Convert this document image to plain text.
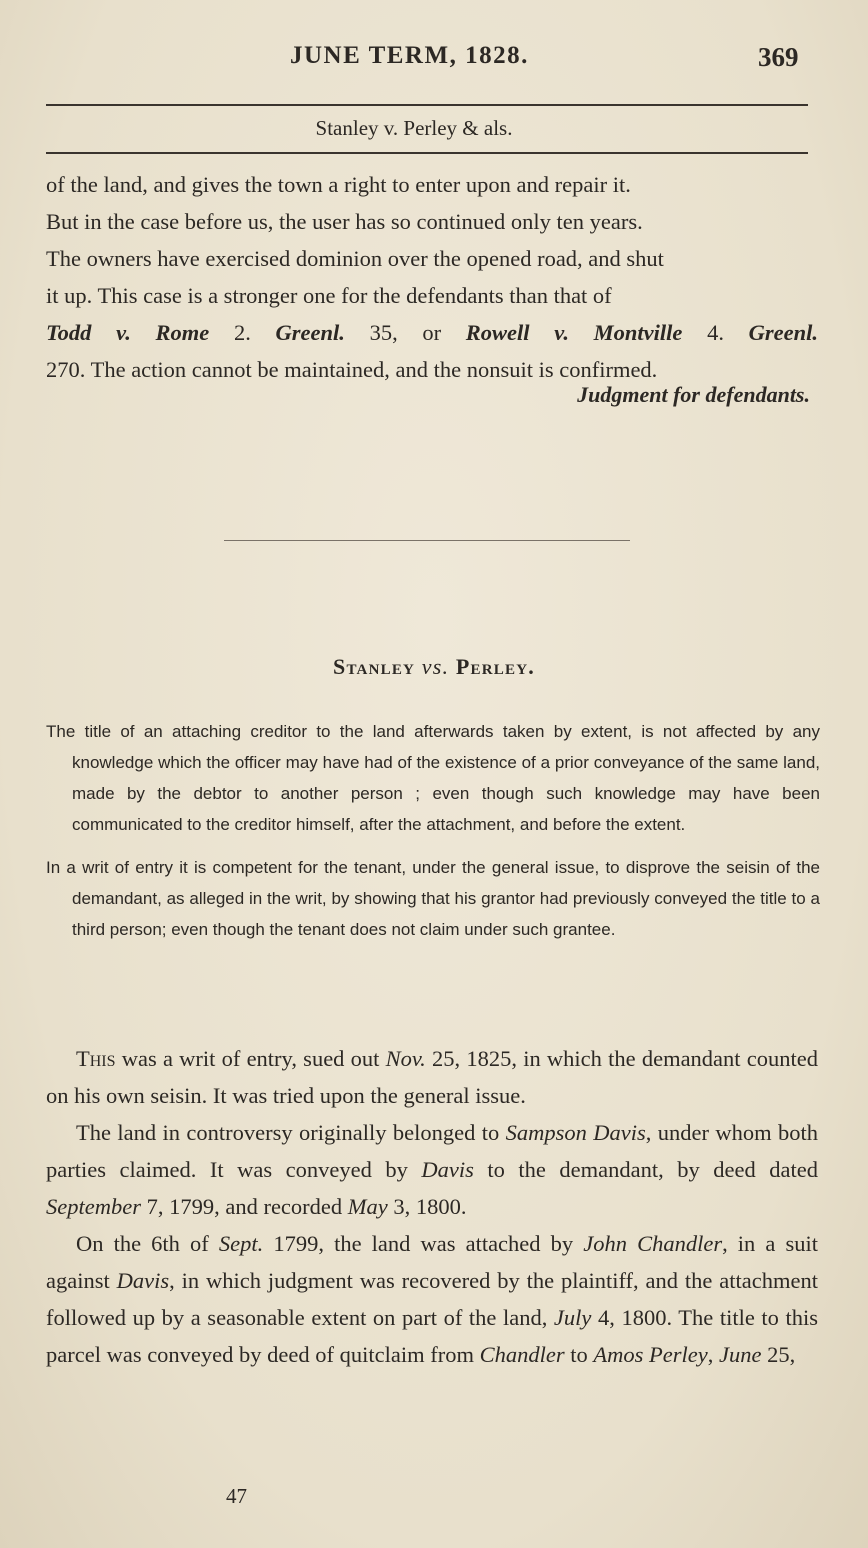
JUNE TERM, 1828.	369
Stanley v. Perley & als.

of the land, and gives the town a right to enter upon and repair it.

But in the case before us, the user has so continued only ten years.

The owners have exercised dominion over the opened road, and shut

it up. This case is a stronger one for the defendants than that of

Todd v. Rome 2. Greenl. 35, or Rowell v. Montville 4. Greenl.

270. The action cannot be maintained, and the nonsuit is confirmed.

Judgment for defendants.
Stanley vs. Perley.

The title of an attaching creditor to the land afterwards taken by extent, is not affected by any knowledge which the officer may have had of the existence of a prior conveyance of the same land, made by the debtor to another person ; even though such knowledge may have been communicated to the creditor himself, after the attachment, and before the extent.

In a writ of entry it is competent for the tenant, under the general issue, to disprove the seisin of the demandant, as alleged in the writ, by showing that his grantor had previously conveyed the title to a third person; even though the tenant does not claim under such grantee.

This was a writ of entry, sued out Nov. 25, 1825, in which the demandant counted on his own seisin. It was tried upon the general issue.

The land in controversy originally belonged to Sampson Davis, under whom both parties claimed. It was conveyed by Davis to the demandant, by deed dated September 7, 1799, and recorded May 3, 1800.

On the 6th of Sept. 1799, the land was attached by John Chandler, in a suit against Davis, in which judgment was recovered by the plaintiff, and the attachment followed up by a seasonable extent on part of the land, July 4, 1800. The title to this parcel was conveyed by deed of quitclaim from Chandler to Amos Perley, June 25,

47
